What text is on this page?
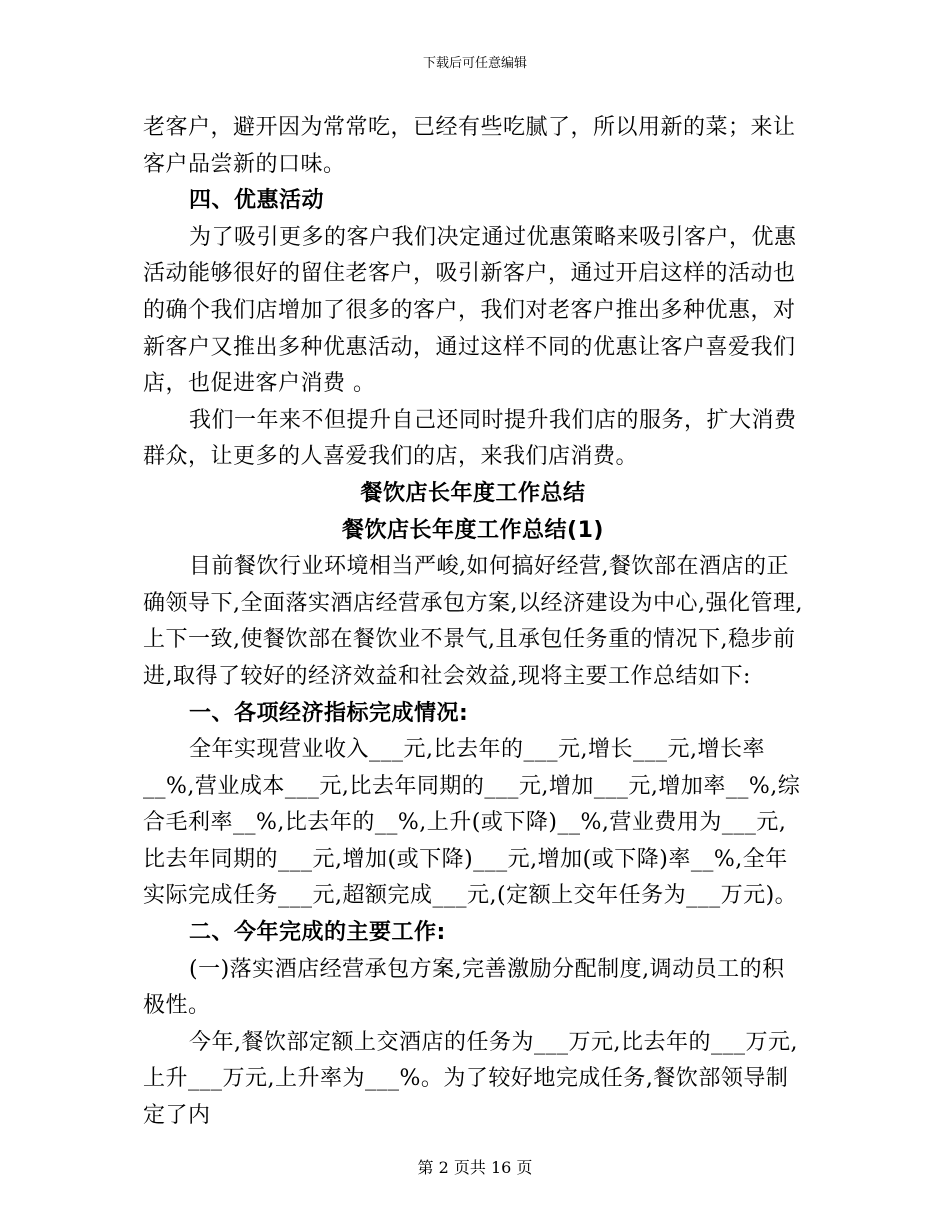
下载后可任意编辑

老客户，避开因为常常吃，已经有些吃腻了，所以用新的菜；来让客户品尝新的口味。

四、优惠活动

为了吸引更多的客户我们决定通过优惠策略来吸引客户，优惠活动能够很好的留住老客户，吸引新客户，通过开启这样的活动也的确个我们店增加了很多的客户，我们对老客户推出多种优惠，对新客户又推出多种优惠活动，通过这样不同的优惠让客户喜爱我们店，也促进客户消费 。

我们一年来不但提升自己还同时提升我们店的服务，扩大消费群众，让更多的人喜爱我们的店，来我们店消费。

餐饮店长年度工作总结

餐饮店长年度工作总结(1)

目前餐饮行业环境相当严峻,如何搞好经营,餐饮部在酒店的正确领导下,全面落实酒店经营承包方案,以经济建设为中心,强化管理,上下一致,使餐饮部在餐饮业不景气,且承包任务重的情况下,稳步前进,取得了较好的经济效益和社会效益,现将主要工作总结如下:

一、各项经济指标完成情况:

全年实现营业收入___元,比去年的___元,增长___元,增长率__%,营业成本___元,比去年同期的___元,增加___元,增加率__%,综合毛利率__%,比去年的__%,上升(或下降)__%,营业费用为___元,比去年同期的___元,增加(或下降)___元,增加(或下降)率__%,全年实际完成任务___元,超额完成___元,(定额上交年任务为___万元)。

二、今年完成的主要工作:

(一)落实酒店经营承包方案,完善激励分配制度,调动员工的积极性。

今年,餐饮部定额上交酒店的任务为___万元,比去年的___万元,上升___万元,上升率为___%。为了较好地完成任务,餐饮部领导制定了内

第 2 页共 16 页
